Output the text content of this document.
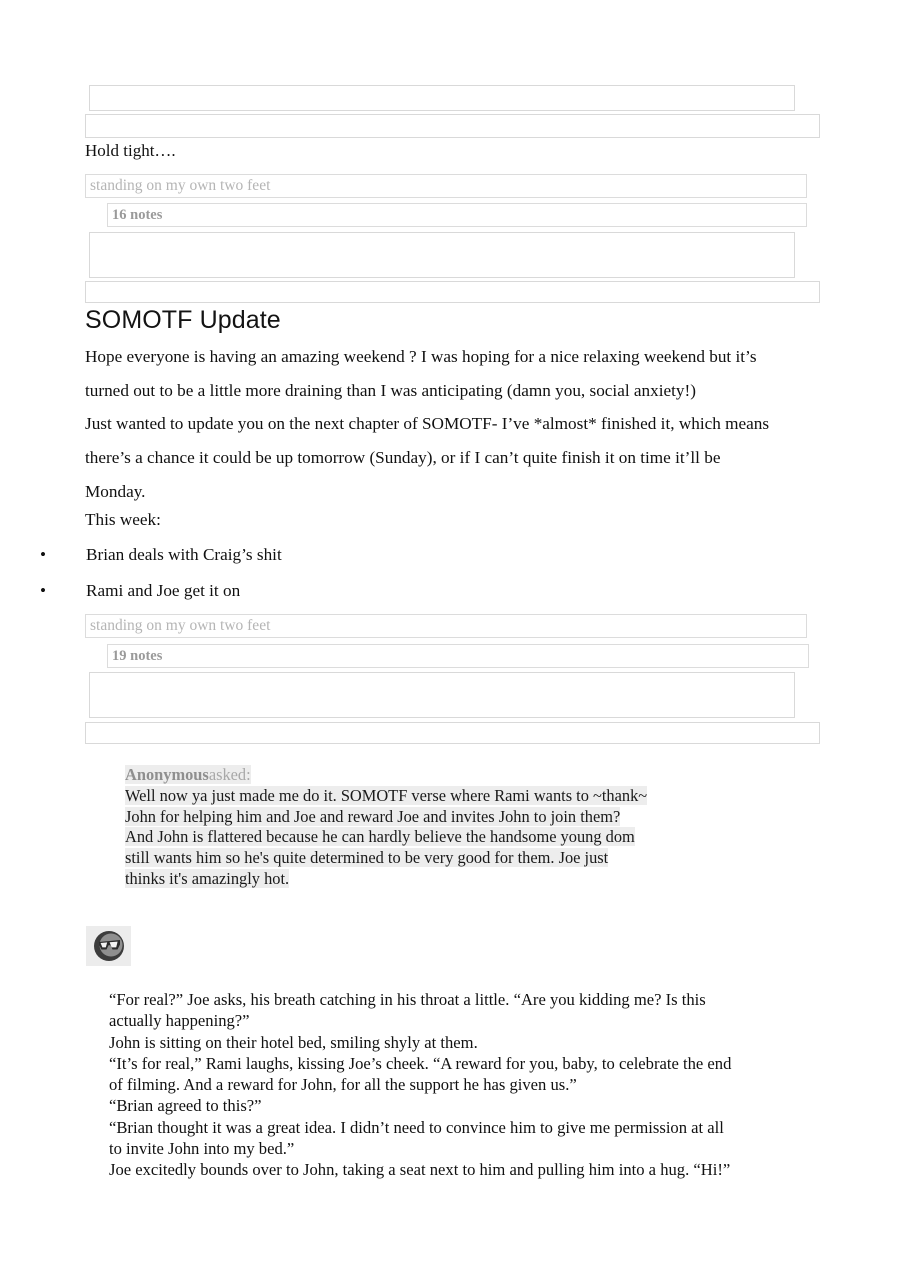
Hold tight….
standing on my own two feet
16 notes
SOMOTF Update
Hope everyone is having an amazing weekend ? I was hoping for a nice relaxing weekend but it’s
turned out to be a little more draining than I was anticipating (damn you, social anxiety!)
Just wanted to update you on the next chapter of SOMOTF- I’ve *almost* finished it, which means
there’s a chance it could be up tomorrow (Sunday), or if I can’t quite finish it on time it’ll be
Monday.
This week:
•	Brian deals with Craig’s shit
•	Rami and Joe get it on
standing on my own two feet
19 notes
Anonymousasked:
Well now ya just made me do it. SOMOTF verse where Rami wants to ~thank~
John for helping him and Joe and reward Joe and invites John to join them?
And John is flattered because he can hardly believe the handsome young dom
still wants him so he's quite determined to be very good for them. Joe just
thinks it's amazingly hot.
“For real?” Joe asks, his breath catching in his throat a little. “Are you kidding me? Is this
actually happening?”
John is sitting on their hotel bed, smiling shyly at them.
“It’s for real,” Rami laughs, kissing Joe’s cheek. “A reward for you, baby, to celebrate the end
of filming. And a reward for John, for all the support he has given us.”
“Brian agreed to this?”
“Brian thought it was a great idea. I didn’t need to convince him to give me permission at all
to invite John into my bed.”
Joe excitedly bounds over to John, taking a seat next to him and pulling him into a hug. “Hi!”
